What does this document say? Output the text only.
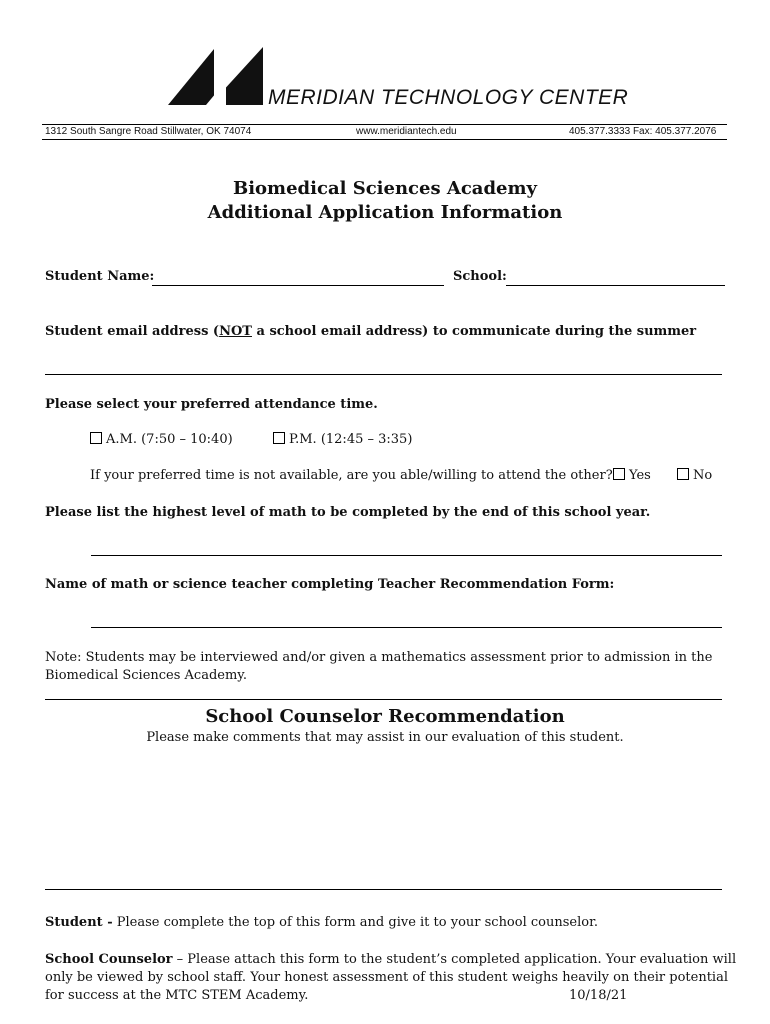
MERIDIAN TECHNOLOGY CENTER
1312 South Sangre Road Stillwater, OK 74074	www.meridiantech.edu	405.377.3333 Fax: 405.377.2076
Biomedical Sciences Academy
Additional Application Information
Student Name:	School:
Student email address (NOT a school email address) to communicate during the summer
Please select your preferred attendance time.
A.M. (7:50 – 10:40)	P.M. (12:45 – 3:35)
If your preferred time is not available, are you able/willing to attend the other?	Yes	No
Please list the highest level of math to be completed by the end of this school year.
Name of math or science teacher completing Teacher Recommendation Form:
Note: Students may be interviewed and/or given a mathematics assessment prior to admission in the
Biomedical Sciences Academy.
School Counselor Recommendation
Please make comments that may assist in our evaluation of this student.
Student - Please complete the top of this form and give it to your school counselor.
School Counselor – Please attach this form to the student’s completed application. Your evaluation will
only be viewed by school staff. Your honest assessment of this student weighs heavily on their potential
for success at the MTC STEM Academy.	10/18/21
